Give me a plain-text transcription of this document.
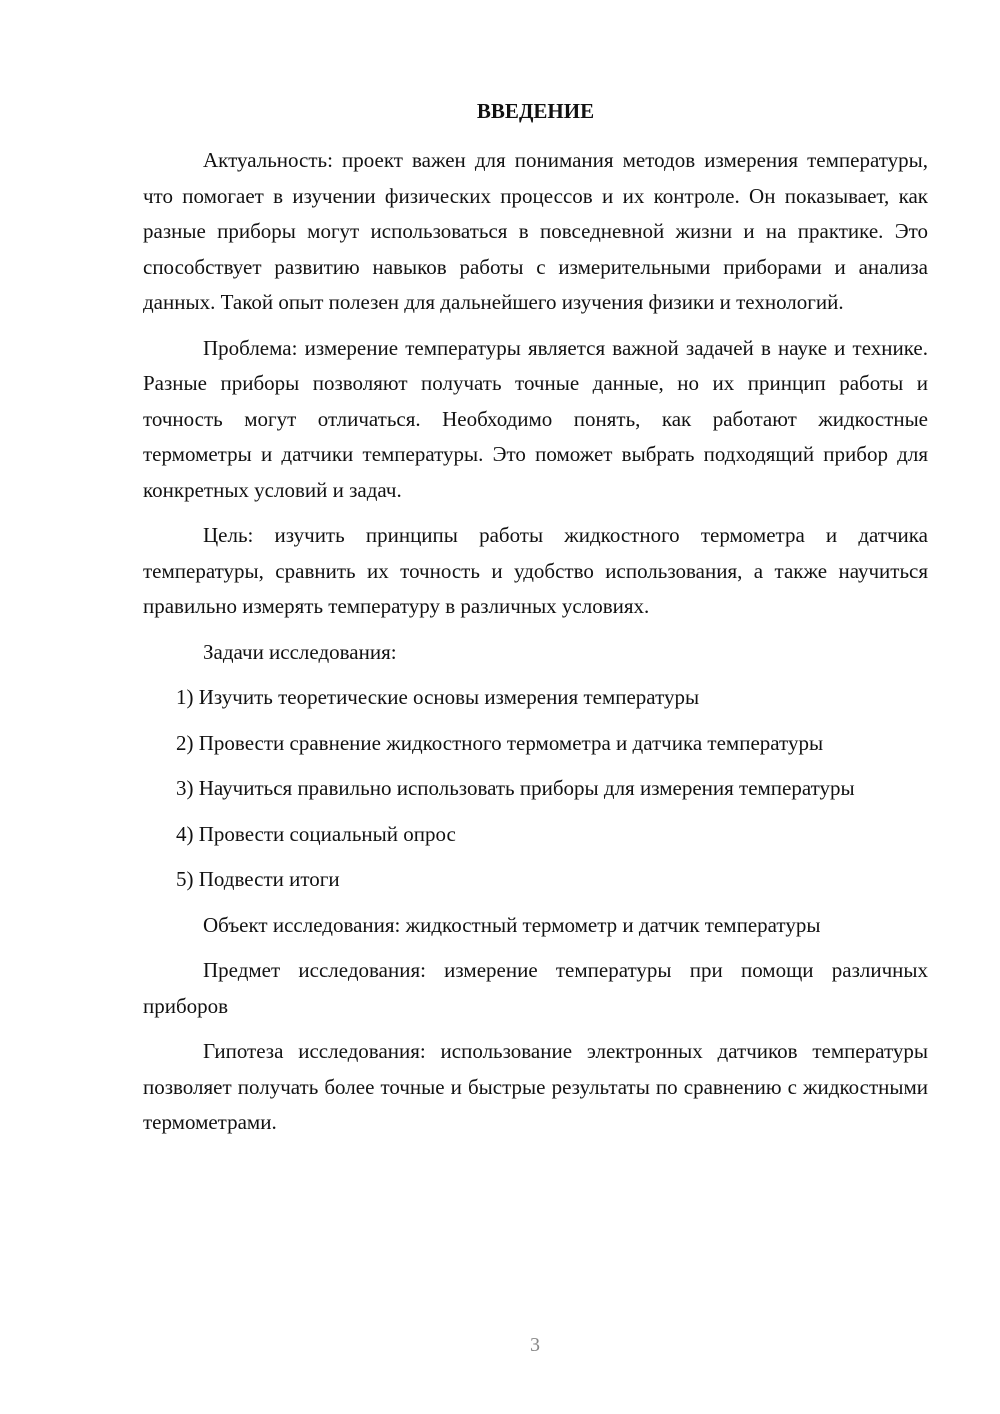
ВВЕДЕНИЕ

Актуальность: проект важен для понимания методов измерения температуры, что помогает в изучении физических процессов и их контроле. Он показывает, как разные приборы могут использоваться в повседневной жизни и на практике. Это способствует развитию навыков работы с измерительными приборами и анализа данных. Такой опыт полезен для дальнейшего изучения физики и технологий.

Проблема: измерение температуры является важной задачей в науке и технике. Разные приборы позволяют получать точные данные, но их принцип работы и точность могут отличаться. Необходимо понять, как работают жидкостные термометры и датчики температуры. Это поможет выбрать подходящий прибор для конкретных условий и задач.

Цель: изучить принципы работы жидкостного термометра и датчика температуры, сравнить их точность и удобство использования, а также научиться правильно измерять температуру в различных условиях.

Задачи исследования:

1) Изучить теоретические основы измерения температуры

2) Провести сравнение жидкостного термометра и датчика температуры

3) Научиться правильно использовать приборы для измерения температуры

4) Провести социальный опрос

5) Подвести итоги

Объект исследования: жидкостный термометр и датчик температуры

Предмет исследования: измерение температуры при помощи различных приборов

Гипотеза исследования: использование электронных датчиков температуры позволяет получать более точные и быстрые результаты по сравнению с жидкостными термометрами.

3
